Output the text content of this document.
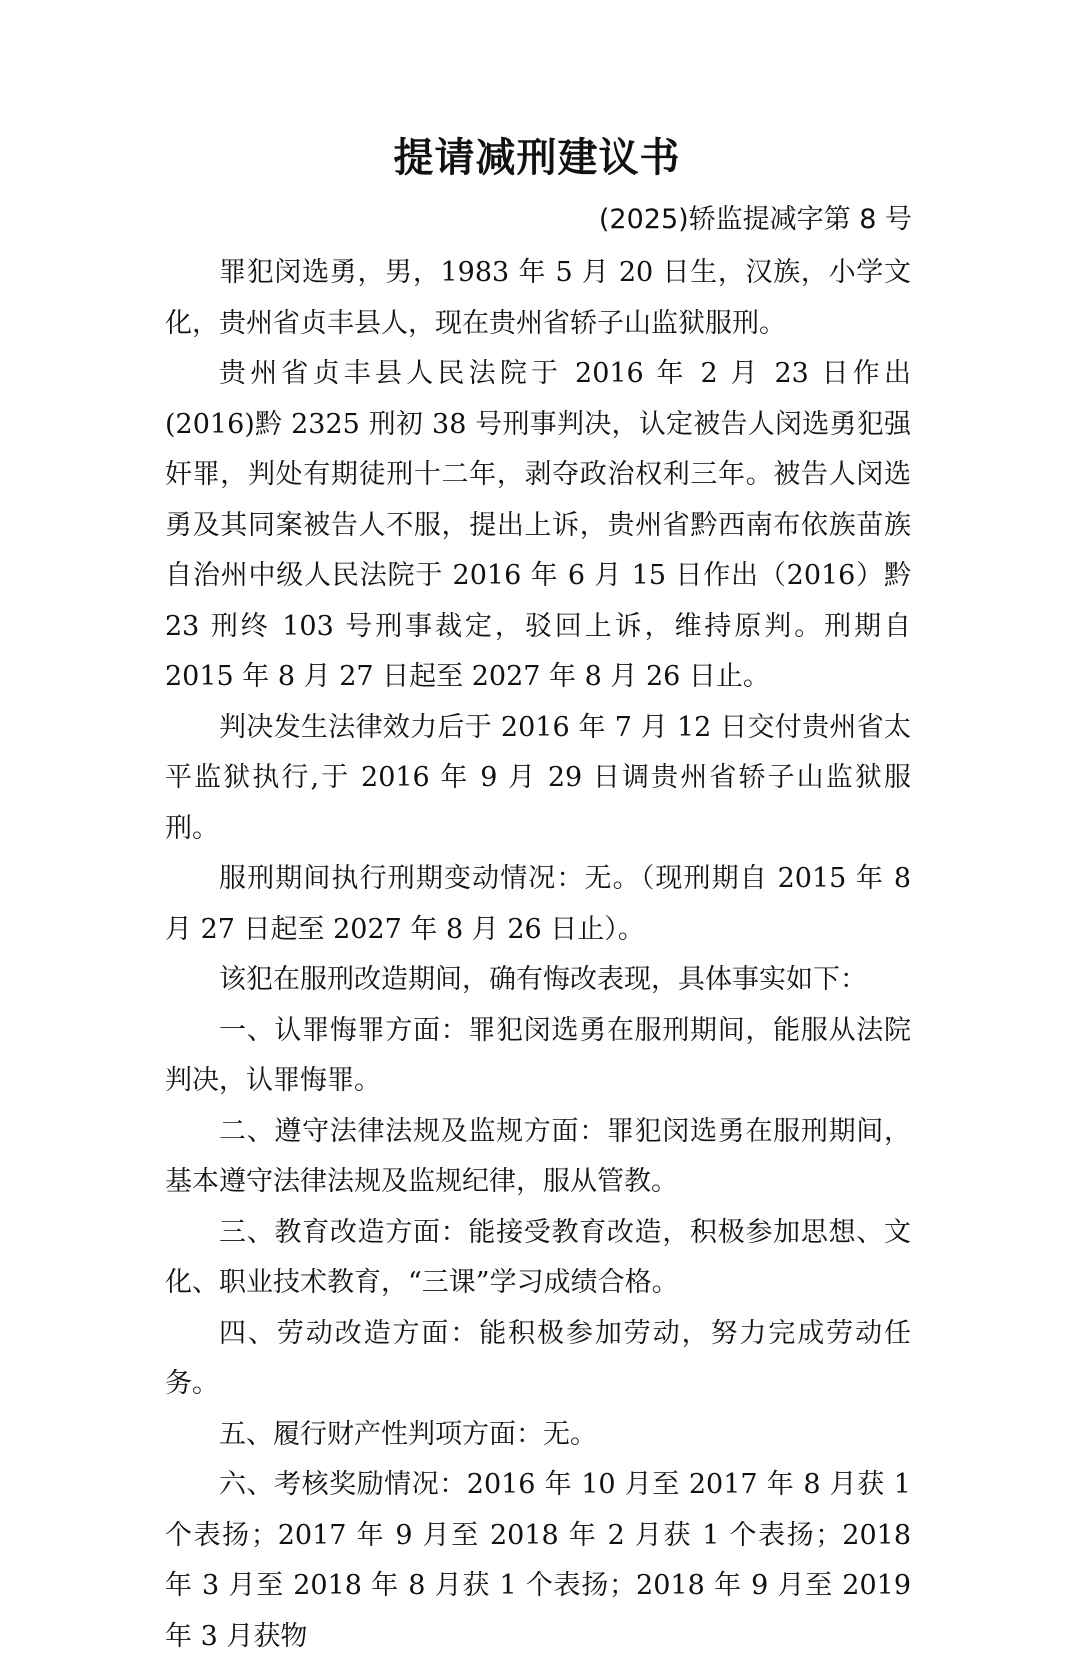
提请减刑建议书
(2025)轿监提减字第 8 号

罪犯闵选勇，男，1983 年 5 月 20 日生，汉族，小学文化，贵州省贞丰县人，现在贵州省轿子山监狱服刑。

贵州省贞丰县人民法院于 2016 年 2 月 23 日作出(2016)黔 2325 刑初 38 号刑事判决，认定被告人闵选勇犯强奸罪，判处有期徒刑十二年，剥夺政治权利三年。被告人闵选勇及其同案被告人不服，提出上诉，贵州省黔西南布依族苗族自治州中级人民法院于 2016 年 6 月 15 日作出（2016）黔 23 刑终 103 号刑事裁定，驳回上诉，维持原判。刑期自 2015 年 8 月 27 日起至 2027 年 8 月 26 日止。

判决发生法律效力后于 2016 年 7 月 12 日交付贵州省太平监狱执行,于 2016 年 9 月 29 日调贵州省轿子山监狱服刑。

服刑期间执行刑期变动情况：无。（现刑期自 2015 年 8 月 27 日起至 2027 年 8 月 26 日止）。

该犯在服刑改造期间，确有悔改表现，具体事实如下：

一、认罪悔罪方面：罪犯闵选勇在服刑期间，能服从法院判决，认罪悔罪。

二、遵守法律法规及监规方面：罪犯闵选勇在服刑期间，基本遵守法律法规及监规纪律，服从管教。

三、教育改造方面：能接受教育改造，积极参加思想、文化、职业技术教育，“三课”学习成绩合格。

四、劳动改造方面：能积极参加劳动，努力完成劳动任务。

五、履行财产性判项方面：无。

六、考核奖励情况：2016 年 10 月至 2017 年 8 月获 1 个表扬；2017 年 9 月至 2018 年 2 月获 1 个表扬；2018 年 3 月至 2018 年 8 月获 1 个表扬；2018 年 9 月至 2019 年 3 月获物
